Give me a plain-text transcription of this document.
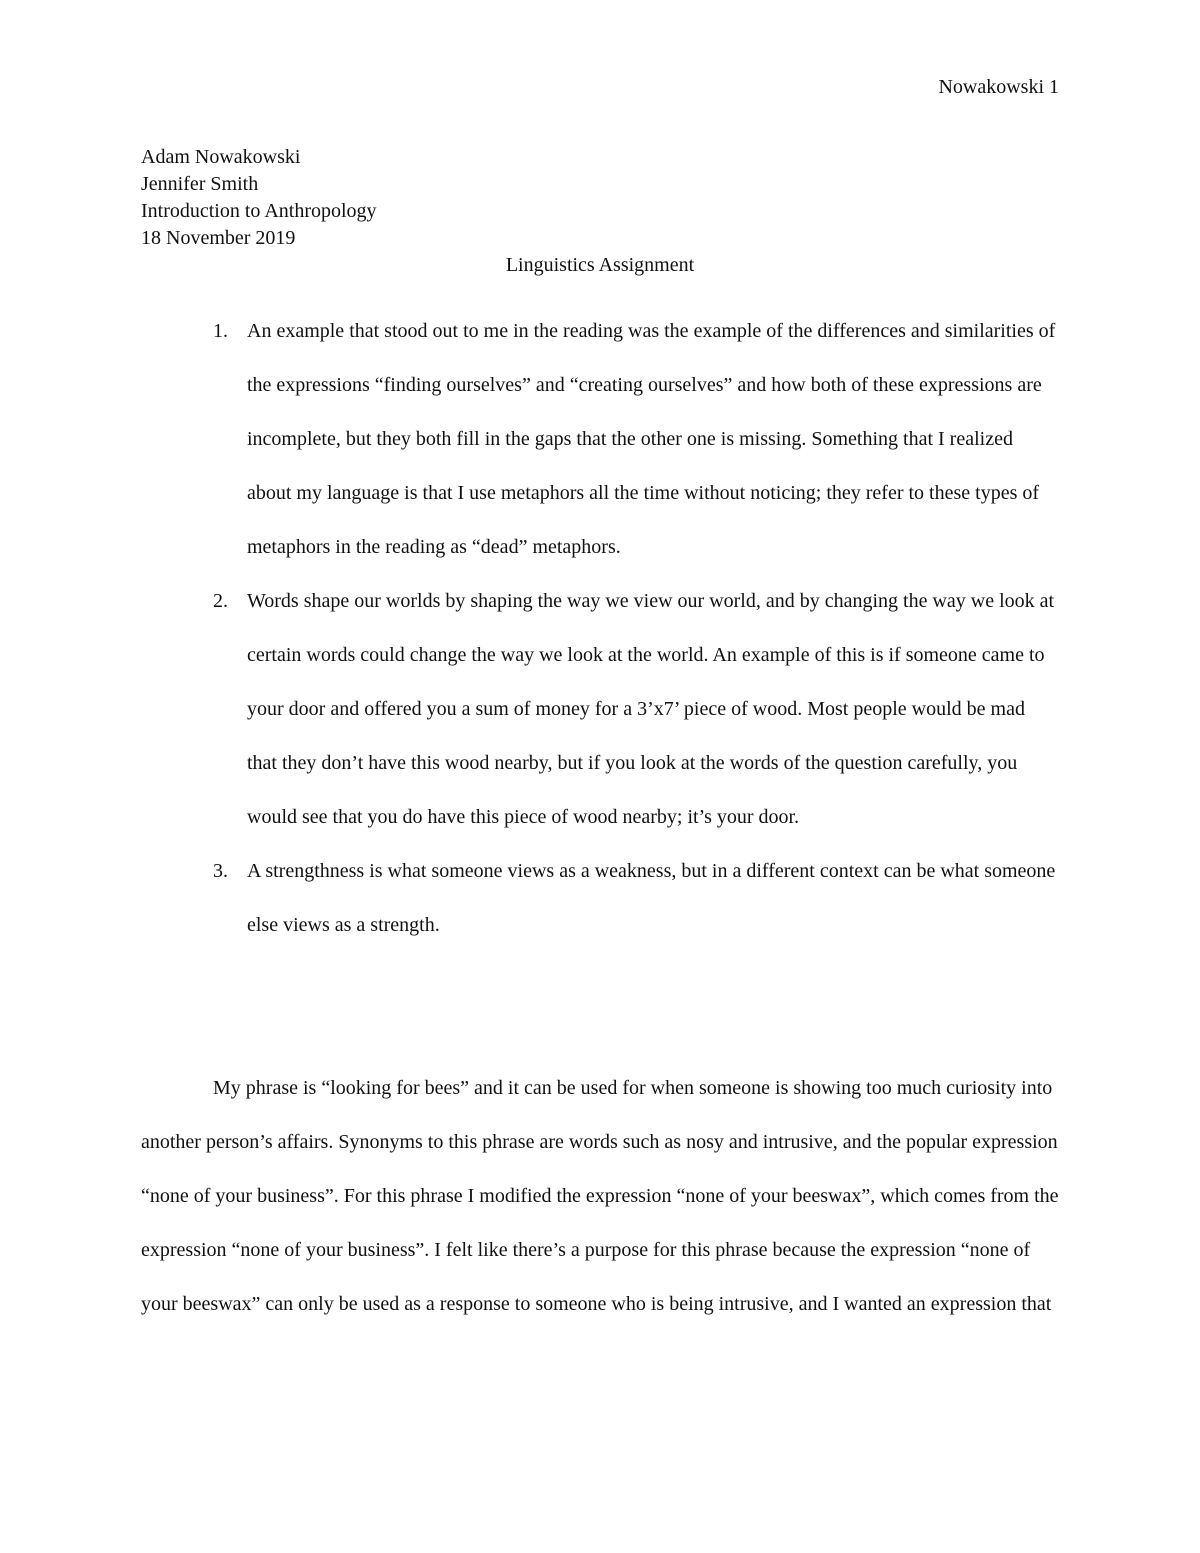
Nowakowski 1
Adam Nowakowski
Jennifer Smith
Introduction to Anthropology
18 November 2019
Linguistics Assignment
1. An example that stood out to me in the reading was the example of the differences and similarities of the expressions “finding ourselves” and “creating ourselves” and how both of these expressions are incomplete, but they both fill in the gaps that the other one is missing. Something that I realized about my language is that I use metaphors all the time without noticing; they refer to these types of metaphors in the reading as “dead” metaphors.
2. Words shape our worlds by shaping the way we view our world, and by changing the way we look at certain words could change the way we look at the world. An example of this is if someone came to your door and offered you a sum of money for a 3’x7’ piece of wood. Most people would be mad that they don’t have this wood nearby, but if you look at the words of the question carefully, you would see that you do have this piece of wood nearby; it’s your door.
3. A strengthness is what someone views as a weakness, but in a different context can be what someone else views as a strength.

My phrase is “looking for bees” and it can be used for when someone is showing too much curiosity into another person’s affairs. Synonyms to this phrase are words such as nosy and intrusive, and the popular expression “none of your business”. For this phrase I modified the expression “none of your beeswax”, which comes from the expression “none of your business”. I felt like there’s a purpose for this phrase because the expression “none of your beeswax” can only be used as a response to someone who is being intrusive, and I wanted an expression that
